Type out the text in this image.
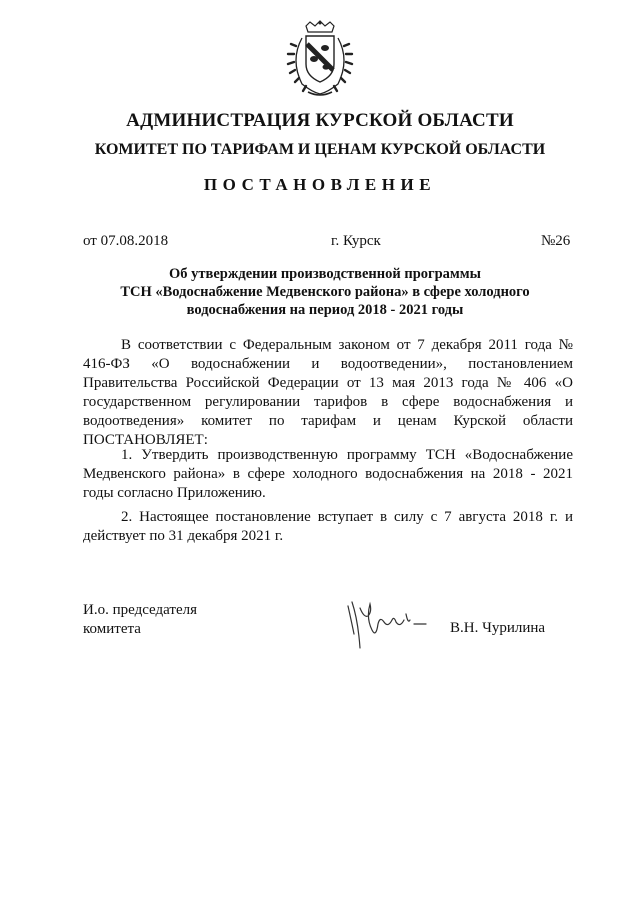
АДМИНИСТРАЦИЯ КУРСКОЙ ОБЛАСТИ
КОМИТЕТ ПО ТАРИФАМ И ЦЕНАМ КУРСКОЙ ОБЛАСТИ
ПОСТАНОВЛЕНИЕ
от 07.08.2018	г. Курск	№26
Об утверждении производственной программы
ТСН «Водоснабжение Медвенского района» в сфере холодного
водоснабжения на период 2018 - 2021 годы
В соответствии с Федеральным законом от 7 декабря 2011 года № 416-ФЗ «О водоснабжении и водоотведении», постановлением Правительства Российской Федерации от 13 мая 2013 года № 406 «О государственном регулировании тарифов в сфере водоснабжения и водоотведения» комитет по тарифам и ценам Курской области ПОСТАНОВЛЯЕТ:
1. Утвердить производственную программу ТСН «Водоснабжение Медвенского района» в сфере холодного водоснабжения на 2018 - 2021 годы согласно Приложению.
2. Настоящее постановление вступает в силу с 7 августа 2018 г. и действует по 31 декабря 2021 г.
И.о. председателя
комитета	В.Н. Чурилина
